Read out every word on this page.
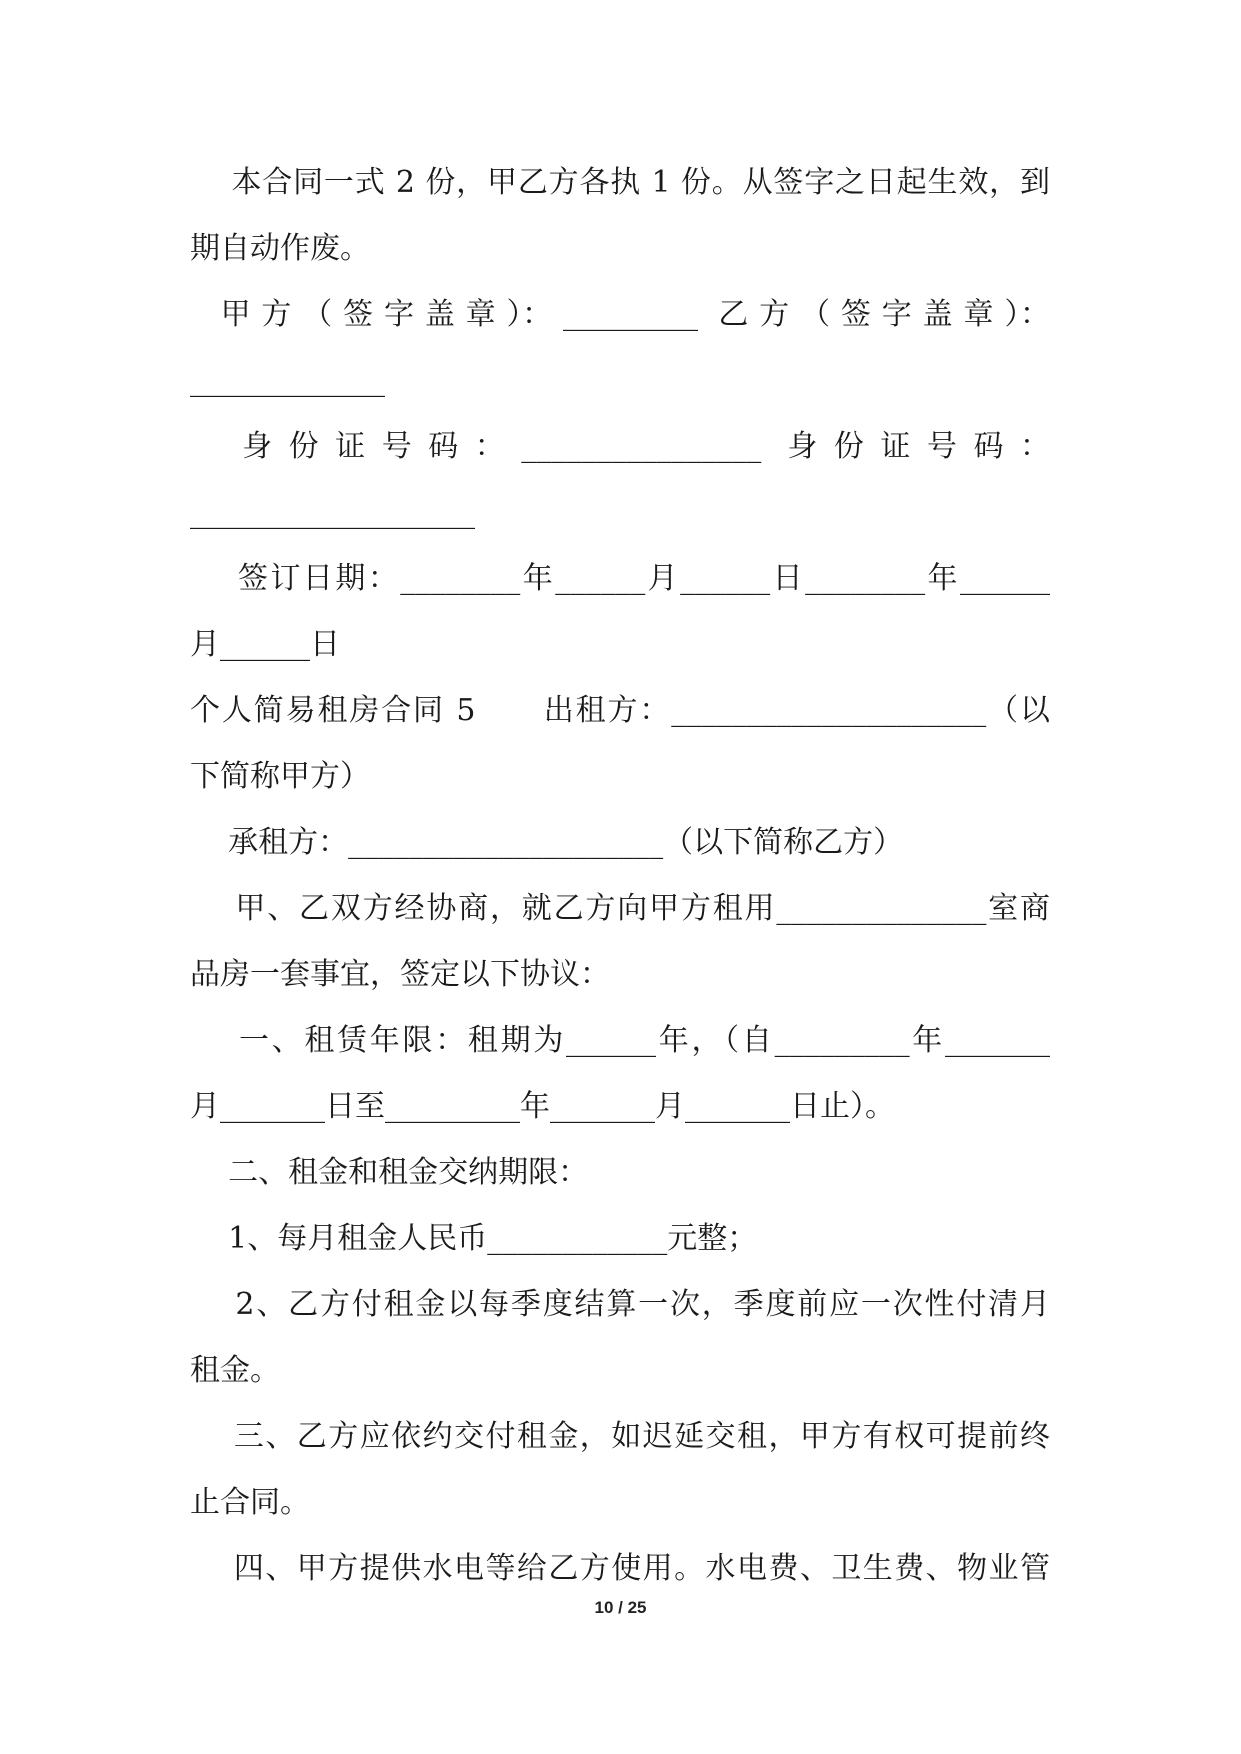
本合同一式 2 份，甲乙方各执 1 份。从签字之日起生效，到
期自动作废。
甲 方 （ 签 字 盖 章 ）： _________  乙 方 （ 签 字 盖 章 ）：
_____________
身 份 证 号 码 ： ________________  身 份 证 号 码 ：
___________________
签订日期：________年______月______日________年______
月______日
个人简易租房合同 5      出租方：_____________________（以
下简称甲方）
承租方：_____________________（以下简称乙方）
甲、乙双方经协商，就乙方向甲方租用______________室商
品房一套事宜，签定以下协议：
一、租赁年限：租期为______年，（自_________年_______
月_______日至_________年_______月_______日止）。
二、租金和租金交纳期限：
1、每月租金人民币____________元整；
2、乙方付租金以每季度结算一次，季度前应一次性付清月
租金。
三、乙方应依约交付租金，如迟延交租，甲方有权可提前终
止合同。
四、甲方提供水电等给乙方使用。水电费、卫生费、物业管
10 / 25
